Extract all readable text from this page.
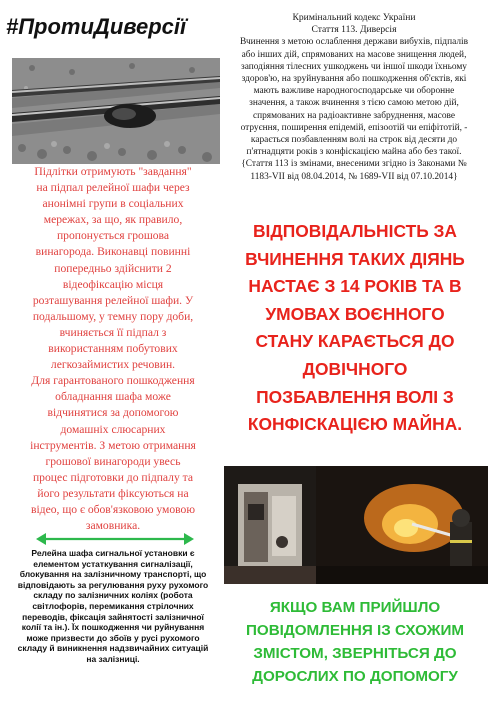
#ПротиДиверсії	Кримінальний кодекс України
Стаття 113. Диверсія
Вчинення з метою ослаблення держави вибухів, підпалів
або інших дій, спрямованих на масове знищення людей,
заподіяння тілесних ушкоджень чи іншої шкоди їхньому
здоров'ю, на зруйнування або пошкодження об'єктів, які
мають важливе народногосподарське чи оборонне
значення, а також вчинення з тією самою метою дій,
спрямованих на радіоактивне забруднення, масове
отруєння, поширення епідемій, епізоотій чи епіфітотій, -
карається позбавленням волі на строк від десяти до
п'ятнадцяти років з конфіскацією майна або без такої.
{Стаття 113 із змінами, внесеними згідно із Законами №
1183-VII від 08.04.2014, № 1689-VII від 07.10.2014}

Підлітки отримують "завдання"

на підпал релейної шафи через

анонімні групи в соціальних

мережах, за що, як правило,

пропонується грошова

винагорода. Виконавці повинні

попередньо здійснити 2

відеофіксацію місця

розташування релейної шафи. У

подальшому, у темну пору доби,

вчиняється її підпал з

використанням побутових

легкозаймистих речовин.

Для гарантованого пошкодження

обладнання шафа може

відчинятися за допомогою

домашніх слюсарних

інструментів. З метою отримання

грошової винагороди увесь

процес підготовки до підпалу та

його результати фіксуються на

відео, що є обов'язковою умовою

замовника.

Релейна шафа сигнальної установки є
елементом устаткування сигналізації,
блокування на залізничному транспорті, що
відповідають за регулювання руху рухомого
складу по залізничних коліях (робота
світлофорів, перемикання стрілочних
переводів, фіксація зайнятості залізничної
колії та ін.). Їх пошкодження чи руйнування
може призвести до збоїв у русі рухомого
складу й виникнення надзвичайних ситуацій
на залізниці.
ВІДПОВІДАЛЬНІСТЬ ЗА
ВЧИНЕННЯ ТАКИХ ДІЯНЬ
НАСТАЄ З 14 РОКІВ ТА В
УМОВАХ ВОЄННОГО
СТАНУ КАРАЄТЬСЯ ДО
ДОВІЧНОГО
ПОЗБАВЛЕННЯ ВОЛІ З
КОНФІСКАЦІЄЮ МАЙНА.
ЯКЩО ВАМ ПРИЙШЛО
ПОВІДОМЛЕННЯ ІЗ СХОЖИМ
ЗМІСТОМ, ЗВЕРНІТЬСЯ ДО
ДОРОСЛИХ ПО ДОПОМОГУ
